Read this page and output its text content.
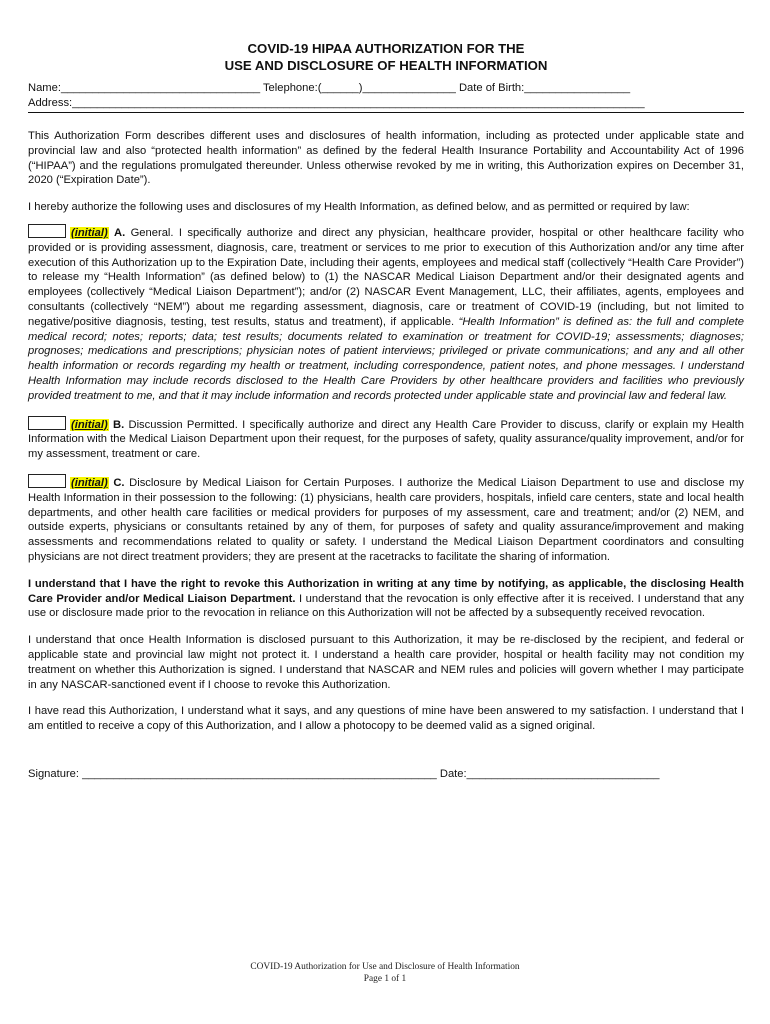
COVID-19 HIPAA AUTHORIZATION FOR THE
USE AND DISCLOSURE OF HEALTH INFORMATION
Name:________________________________ Telephone:(______)_______________ Date of Birth:_________________
Address:____________________________________________________________________________________________

This Authorization Form describes different uses and disclosures of health information, including as protected under applicable state and provincial law and also “protected health information” as defined by the federal Health Insurance Portability and Accountability Act of 1996 (“HIPAA”) and the regulations promulgated thereunder. Unless otherwise revoked by me in writing, this Authorization expires on December 31, 2020 (“Expiration Date”).

I hereby authorize the following uses and disclosures of my Health Information, as defined below, and as permitted or required by law:

(initial) A. General. I specifically authorize and direct any physician, healthcare provider, hospital or other healthcare facility who provided or is providing assessment, diagnosis, care, treatment or services to me prior to execution of this Authorization and/or any time after execution of this Authorization up to the Expiration Date, including their agents, employees and medical staff (collectively “Health Care Provider”) to release my “Health Information” (as defined below) to (1) the NASCAR Medical Liaison Department and/or their designated agents and employees (collectively “Medical Liaison Department”); and/or (2) NASCAR Event Management, LLC, their affiliates, agents, employees and consultants (collectively “NEM”) about me regarding assessment, diagnosis, care or treatment of COVID-19 (including, but not limited to negative/positive diagnosis, testing, test results, status and treatment), if applicable. “Health Information” is defined as: the full and complete medical record; notes; reports; data; test results; documents related to examination or treatment for COVID-19; assessments; diagnoses; prognoses; medications and prescriptions; physician notes of patient interviews; privileged or private communications; and any and all other health information or records regarding my health or treatment, including correspondence, patient notes, and phone messages. I understand Health Information may include records disclosed to the Health Care Providers by other healthcare providers and facilities who previously provided treatment to me, and that it may include information and records protected under applicable state and provincial law and federal law.

(initial) B. Discussion Permitted. I specifically authorize and direct any Health Care Provider to discuss, clarify or explain my Health Information with the Medical Liaison Department upon their request, for the purposes of safety, quality assurance/quality improvement, and/or for my assessment, treatment or care.

(initial) C. Disclosure by Medical Liaison for Certain Purposes. I authorize the Medical Liaison Department to use and disclose my Health Information in their possession to the following: (1) physicians, health care providers, hospitals, infield care centers, state and local health departments, and other health care facilities or medical providers for purposes of my assessment, care and treatment; and/or (2) NEM, and outside experts, physicians or consultants retained by any of them, for purposes of safety and quality assurance/improvement and making assessments and recommendations related to quality or safety. I understand the Medical Liaison Department coordinators and consulting physicians are not direct treatment providers; they are present at the racetracks to facilitate the sharing of information.

I understand that I have the right to revoke this Authorization in writing at any time by notifying, as applicable, the disclosing Health Care Provider and/or Medical Liaison Department. I understand that the revocation is only effective after it is received. I understand that any use or disclosure made prior to the revocation in reliance on this Authorization will not be affected by a subsequently received revocation.

I understand that once Health Information is disclosed pursuant to this Authorization, it may be re-disclosed by the recipient, and federal or applicable state and provincial law might not protect it. I understand a health care provider, hospital or health facility may not condition my treatment on whether this Authorization is signed. I understand that NASCAR and NEM rules and policies will govern whether I may participate in any NASCAR-sanctioned event if I choose to revoke this Authorization.

I have read this Authorization, I understand what it says, and any questions of mine have been answered to my satisfaction. I understand that I am entitled to receive a copy of this Authorization, and I allow a photocopy to be deemed valid as a signed original.

Signature: _________________________________________________________ Date:_______________________________
COVID-19 Authorization for Use and Disclosure of Health Information
Page 1 of 1
